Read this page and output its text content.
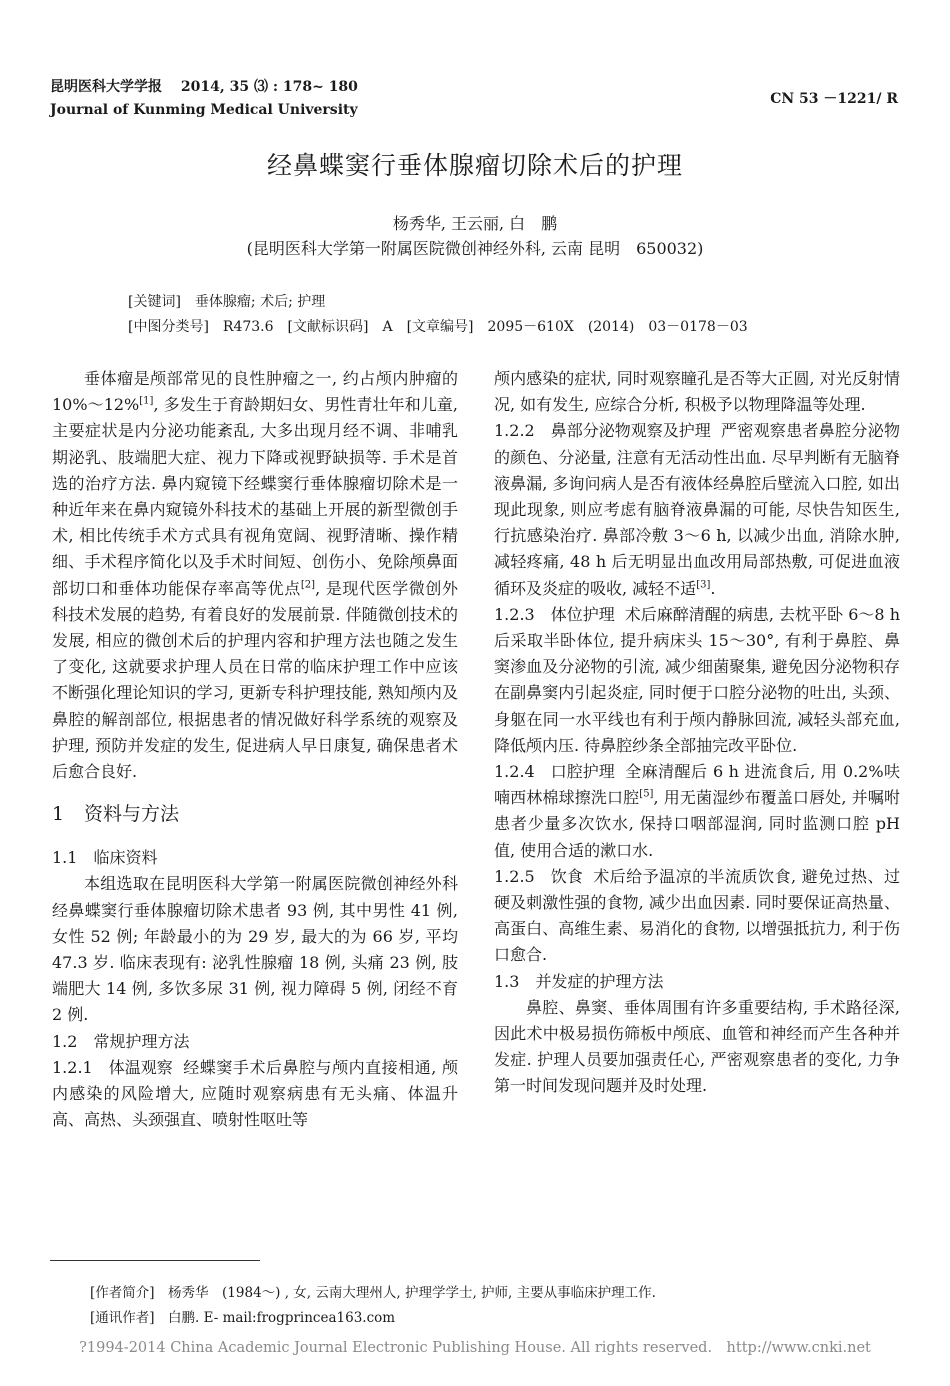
昆明医科大学学报 2014, 35 ⑶ : 178~ 180
Journal of Kunming Medical University
CN 53 －1221/ R
经鼻蝶窦行垂体腺瘤切除术后的护理
杨秀华, 王云丽, 白　鹏
(昆明医科大学第一附属医院微创神经外科, 云南 昆明　650032)
[关键词]　垂体腺瘤; 术后; 护理
[中图分类号]　R473.6　[文献标识码]　A　[文章编号]　2095－610X　(2014)　03－0178－03

垂体瘤是颅部常见的良性肿瘤之一, 约占颅内肿瘤的 10%～12%[1], 多发生于育龄期妇女、男性青壮年和儿童, 主要症状是内分泌功能紊乱, 大多出现月经不调、非哺乳期泌乳、肢端肥大症、视力下降或视野缺损等. 手术是首选的治疗方法. 鼻内窥镜下经蝶窦行垂体腺瘤切除术是一种近年来在鼻内窥镜外科技术的基础上开展的新型微创手术, 相比传统手术方式具有视角宽阔、视野清晰、操作精细、手术程序简化以及手术时间短、创伤小、免除颅鼻面部切口和垂体功能保存率高等优点[2], 是现代医学微创外科技术发展的趋势, 有着良好的发展前景. 伴随微创技术的发展, 相应的微创术后的护理内容和护理方法也随之发生了变化, 这就要求护理人员在日常的临床护理工作中应该不断强化理论知识的学习, 更新专科护理技能, 熟知颅内及鼻腔的解剖部位, 根据患者的情况做好科学系统的观察及护理, 预防并发症的发生, 促进病人早日康复, 确保患者术后愈合良好.

1 资料与方法

1.1　临床资料

本组选取在昆明医科大学第一附属医院微创神经外科经鼻蝶窦行垂体腺瘤切除术患者 93 例, 其中男性 41 例, 女性 52 例; 年龄最小的为 29 岁, 最大的为 66 岁, 平均 47.3 岁. 临床表现有: 泌乳性腺瘤 18 例, 头痛 23 例, 肢端肥大 14 例, 多饮多尿 31 例, 视力障碍 5 例, 闭经不育 2 例.

1.2　常规护理方法

1.2.1　体温观察 经蝶窦手术后鼻腔与颅内直接相通, 颅内感染的风险增大, 应随时观察病患有无头痛、体温升高、高热、头颈强直、喷射性呕吐等

颅内感染的症状, 同时观察瞳孔是否等大正圆, 对光反射情况, 如有发生, 应综合分析, 积极予以物理降温等处理.

1.2.2　鼻部分泌物观察及护理 严密观察患者鼻腔分泌物的颜色、分泌量, 注意有无活动性出血. 尽早判断有无脑脊液鼻漏, 多询问病人是否有液体经鼻腔后壁流入口腔, 如出现此现象, 则应考虑有脑脊液鼻漏的可能, 尽快告知医生, 行抗感染治疗. 鼻部冷敷 3～6 h, 以减少出血, 消除水肿, 减轻疼痛, 48 h 后无明显出血改用局部热敷, 可促进血液循环及炎症的吸收, 减轻不适[3].

1.2.3　体位护理 术后麻醉清醒的病患, 去枕平卧 6～8 h 后采取半卧体位, 提升病床头 15～30°, 有利于鼻腔、鼻窦渗血及分泌物的引流, 减少细菌聚集, 避免因分泌物积存在副鼻窦内引起炎症, 同时便于口腔分泌物的吐出, 头颈、身躯在同一水平线也有利于颅内静脉回流, 减轻头部充血, 降低颅内压. 待鼻腔纱条全部抽完改平卧位.

1.2.4　口腔护理 全麻清醒后 6 h 进流食后, 用 0.2%呋喃西林棉球擦洗口腔[5], 用无菌湿纱布覆盖口唇处, 并嘱咐患者少量多次饮水, 保持口咽部湿润, 同时监测口腔 pH 值, 使用合适的漱口水.

1.2.5　饮食 术后给予温凉的半流质饮食, 避免过热、过硬及刺激性强的食物, 减少出血因素. 同时要保证高热量、高蛋白、高维生素、易消化的食物, 以增强抵抗力, 利于伤口愈合.

1.3　并发症的护理方法

鼻腔、鼻窦、垂体周围有许多重要结构, 手术路径深, 因此术中极易损伤筛板中颅底、血管和神经而产生各种并发症. 护理人员要加强责任心, 严密观察患者的变化, 力争第一时间发现问题并及时处理.

[作者简介]　杨秀华　(1984～) , 女, 云南大理州人, 护理学学士, 护师, 主要从事临床护理工作.
[通讯作者]　白鹏. E- mail:frogprincea163.com
?1994-2014 China Academic Journal Electronic Publishing House. All rights reserved.　http://www.cnki.net
